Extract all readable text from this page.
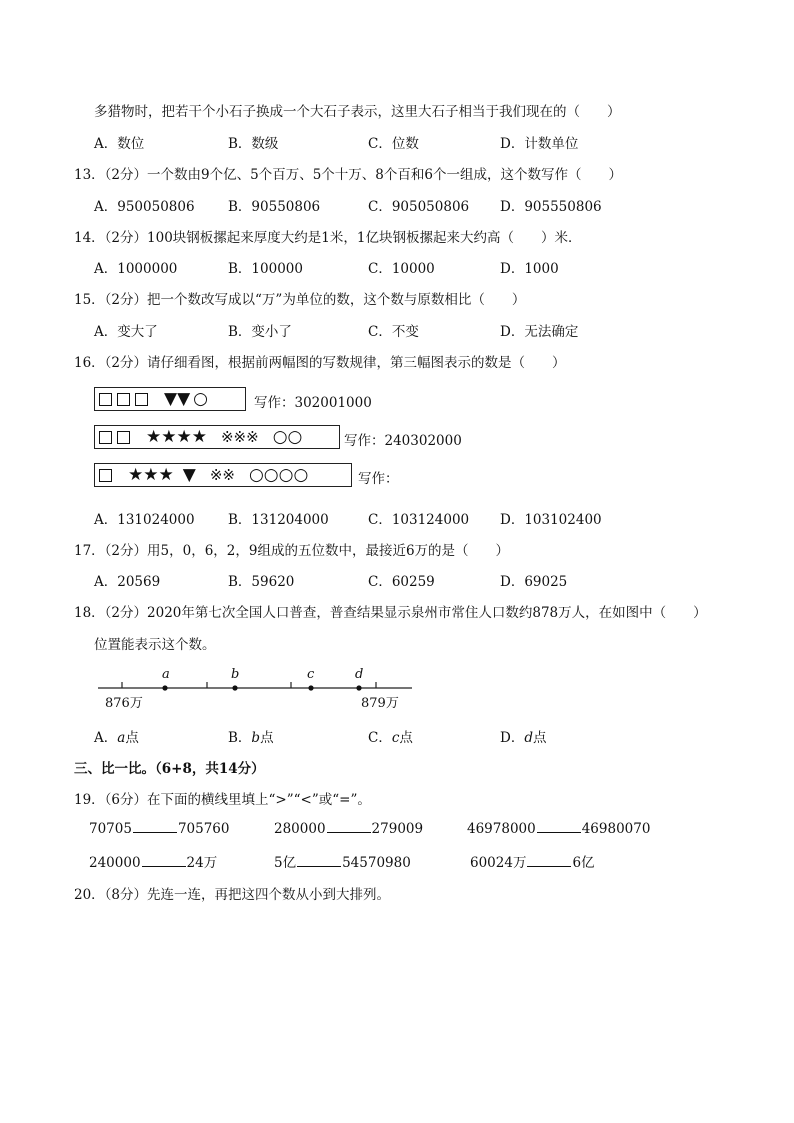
多猎物时，把若干个小石子换成一个大石子表示，这里大石子相当于我们现在的（　　）
A．数位	B．数级	C．位数	D．计数单位
13．（2分）一个数由9个亿、5个百万、5个十万、8个百和6个一组成，这个数写作（　　）
A．950050806 B．90550806	C．905050806 D．905550806
14．（2分）100块钢板摞起来厚度大约是1米，1亿块钢板摞起来大约高（　　）米．
A．1000000	B．100000	C．10000	D．1000
15．（2分）把一个数改写成以“万”为单位的数，这个数与原数相比（　　）
A．变大了	B．变小了	C．不变	D．无法确定
16．（2分）请仔细看图，根据前两幅图的写数规律，第三幅图表示的数是（　　）
▼▼ ○	写作：302001000
★★★★ ※※※ ○○	写作：240302000
★★★ ▼ ※※ ○○○○	写作：
A．131024000 B．131204000	C．103124000 D．103102400
17．（2分）用5，0，6，2，9组成的五位数中，最接近6万的是（　　）
A．20569	B．59620	C．60259	D．69025
18．（2分）2020年第七次全国人口普查，普查结果显示泉州市常住人口数约878万人，在如图中（　　）
位置能表示这个数。
a	b	c	d
876万	879万
A．a点	B．b点	C．c点	D．d点
三、比一比。（6+8，共14分）
19．（6分）在下面的横线里填上“>”“<”或“=”。
70705	705760	280000	279009	46978000	46980070
240000	24万	5亿	54570980	60024万	6亿
20．（8分）先连一连，再把这四个数从小到大排列。
